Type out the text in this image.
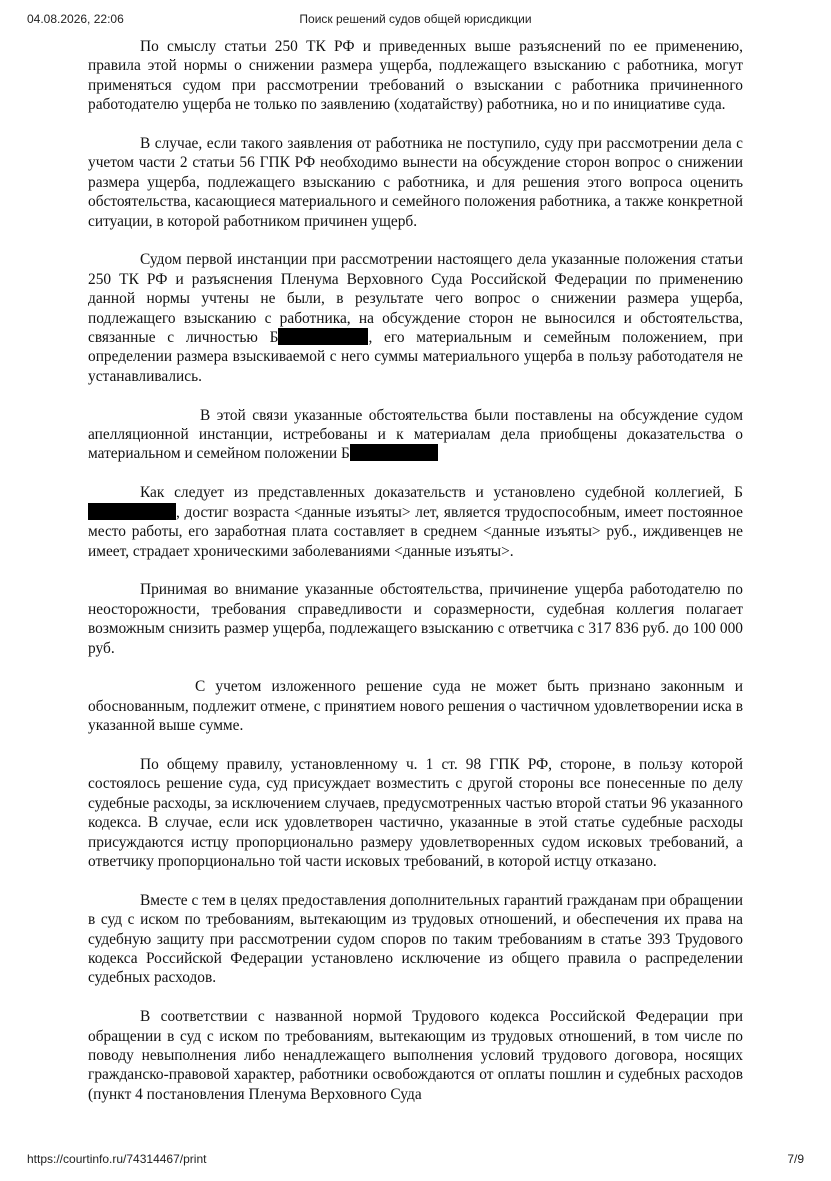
04.08.2026, 22:06	Поиск решений судов общей юрисдикции

По смыслу статьи 250 ТК РФ и приведенных выше разъяснений по ее применению, правила этой нормы о снижении размера ущерба, подлежащего взысканию с работника, могут применяться судом при рассмотрении требований о взыскании с работника причиненного работодателю ущерба не только по заявлению (ходатайству) работника, но и по инициативе суда.

В случае, если такого заявления от работника не поступило, суду при рассмотрении дела с учетом части 2 статьи 56 ГПК РФ необходимо вынести на обсуждение сторон вопрос о снижении размера ущерба, подлежащего взысканию с работника, и для решения этого вопроса оценить обстоятельства, касающиеся материального и семейного положения работника, а также конкретной ситуации, в которой работником причинен ущерб.

Судом первой инстанции при рассмотрении настоящего дела указанные положения статьи 250 ТК РФ и разъяснения Пленума Верховного Суда Российской Федерации по применению данной нормы учтены не были, в результате чего вопрос о снижении размера ущерба, подлежащего взысканию с работника, на обсуждение сторон не выносился и обстоятельства, связанные с личностью Б	, его материальным и семейным положением, при определении размера взыскиваемой с него суммы материального ущерба в пользу работодателя не устанавливались.

В этой связи указанные обстоятельства были поставлены на обсуждение судом апелляционной инстанции, истребованы и к материалам дела приобщены доказательства о материальном и семейном положении Б

Как следует из представленных доказательств и установлено судебной коллегией, Б, достиг возраста <данные изъяты> лет, является трудоспособным, имеет постоянное место работы, его заработная плата составляет в среднем <данные изъяты> руб., иждивенцев не имеет, страдает хроническими заболеваниями <данные изъяты>.

Принимая во внимание указанные обстоятельства, причинение ущерба работодателю по неосторожности, требования справедливости и соразмерности, судебная коллегия полагает возможным снизить размер ущерба, подлежащего взысканию с ответчика с 317 836 руб. до 100 000 руб.

С учетом изложенного решение суда не может быть признано законным и обоснованным, подлежит отмене, с принятием нового решения о частичном удовлетворении иска в указанной выше сумме.

По общему правилу, установленному ч. 1 ст. 98 ГПК РФ, стороне, в пользу которой состоялось решение суда, суд присуждает возместить с другой стороны все понесенные по делу судебные расходы, за исключением случаев, предусмотренных частью второй статьи 96 указанного кодекса. В случае, если иск удовлетворен частично, указанные в этой статье судебные расходы присуждаются истцу пропорционально размеру удовлетворенных судом исковых требований, а ответчику пропорционально той части исковых требований, в которой истцу отказано.

Вместе с тем в целях предоставления дополнительных гарантий гражданам при обращении в суд с иском по требованиям, вытекающим из трудовых отношений, и обеспечения их права на судебную защиту при рассмотрении судом споров по таким требованиям в статье 393 Трудового кодекса Российской Федерации установлено исключение из общего правила о распределении судебных расходов.

В соответствии с названной нормой Трудового кодекса Российской Федерации при обращении в суд с иском по требованиям, вытекающим из трудовых отношений, в том числе по поводу невыполнения либо ненадлежащего выполнения условий трудового договора, носящих гражданско-правовой характер, работники освобождаются от оплаты пошлин и судебных расходов (пункт 4 постановления Пленума Верховного Суда

https://courtinfo.ru/74314467/print	7/9
